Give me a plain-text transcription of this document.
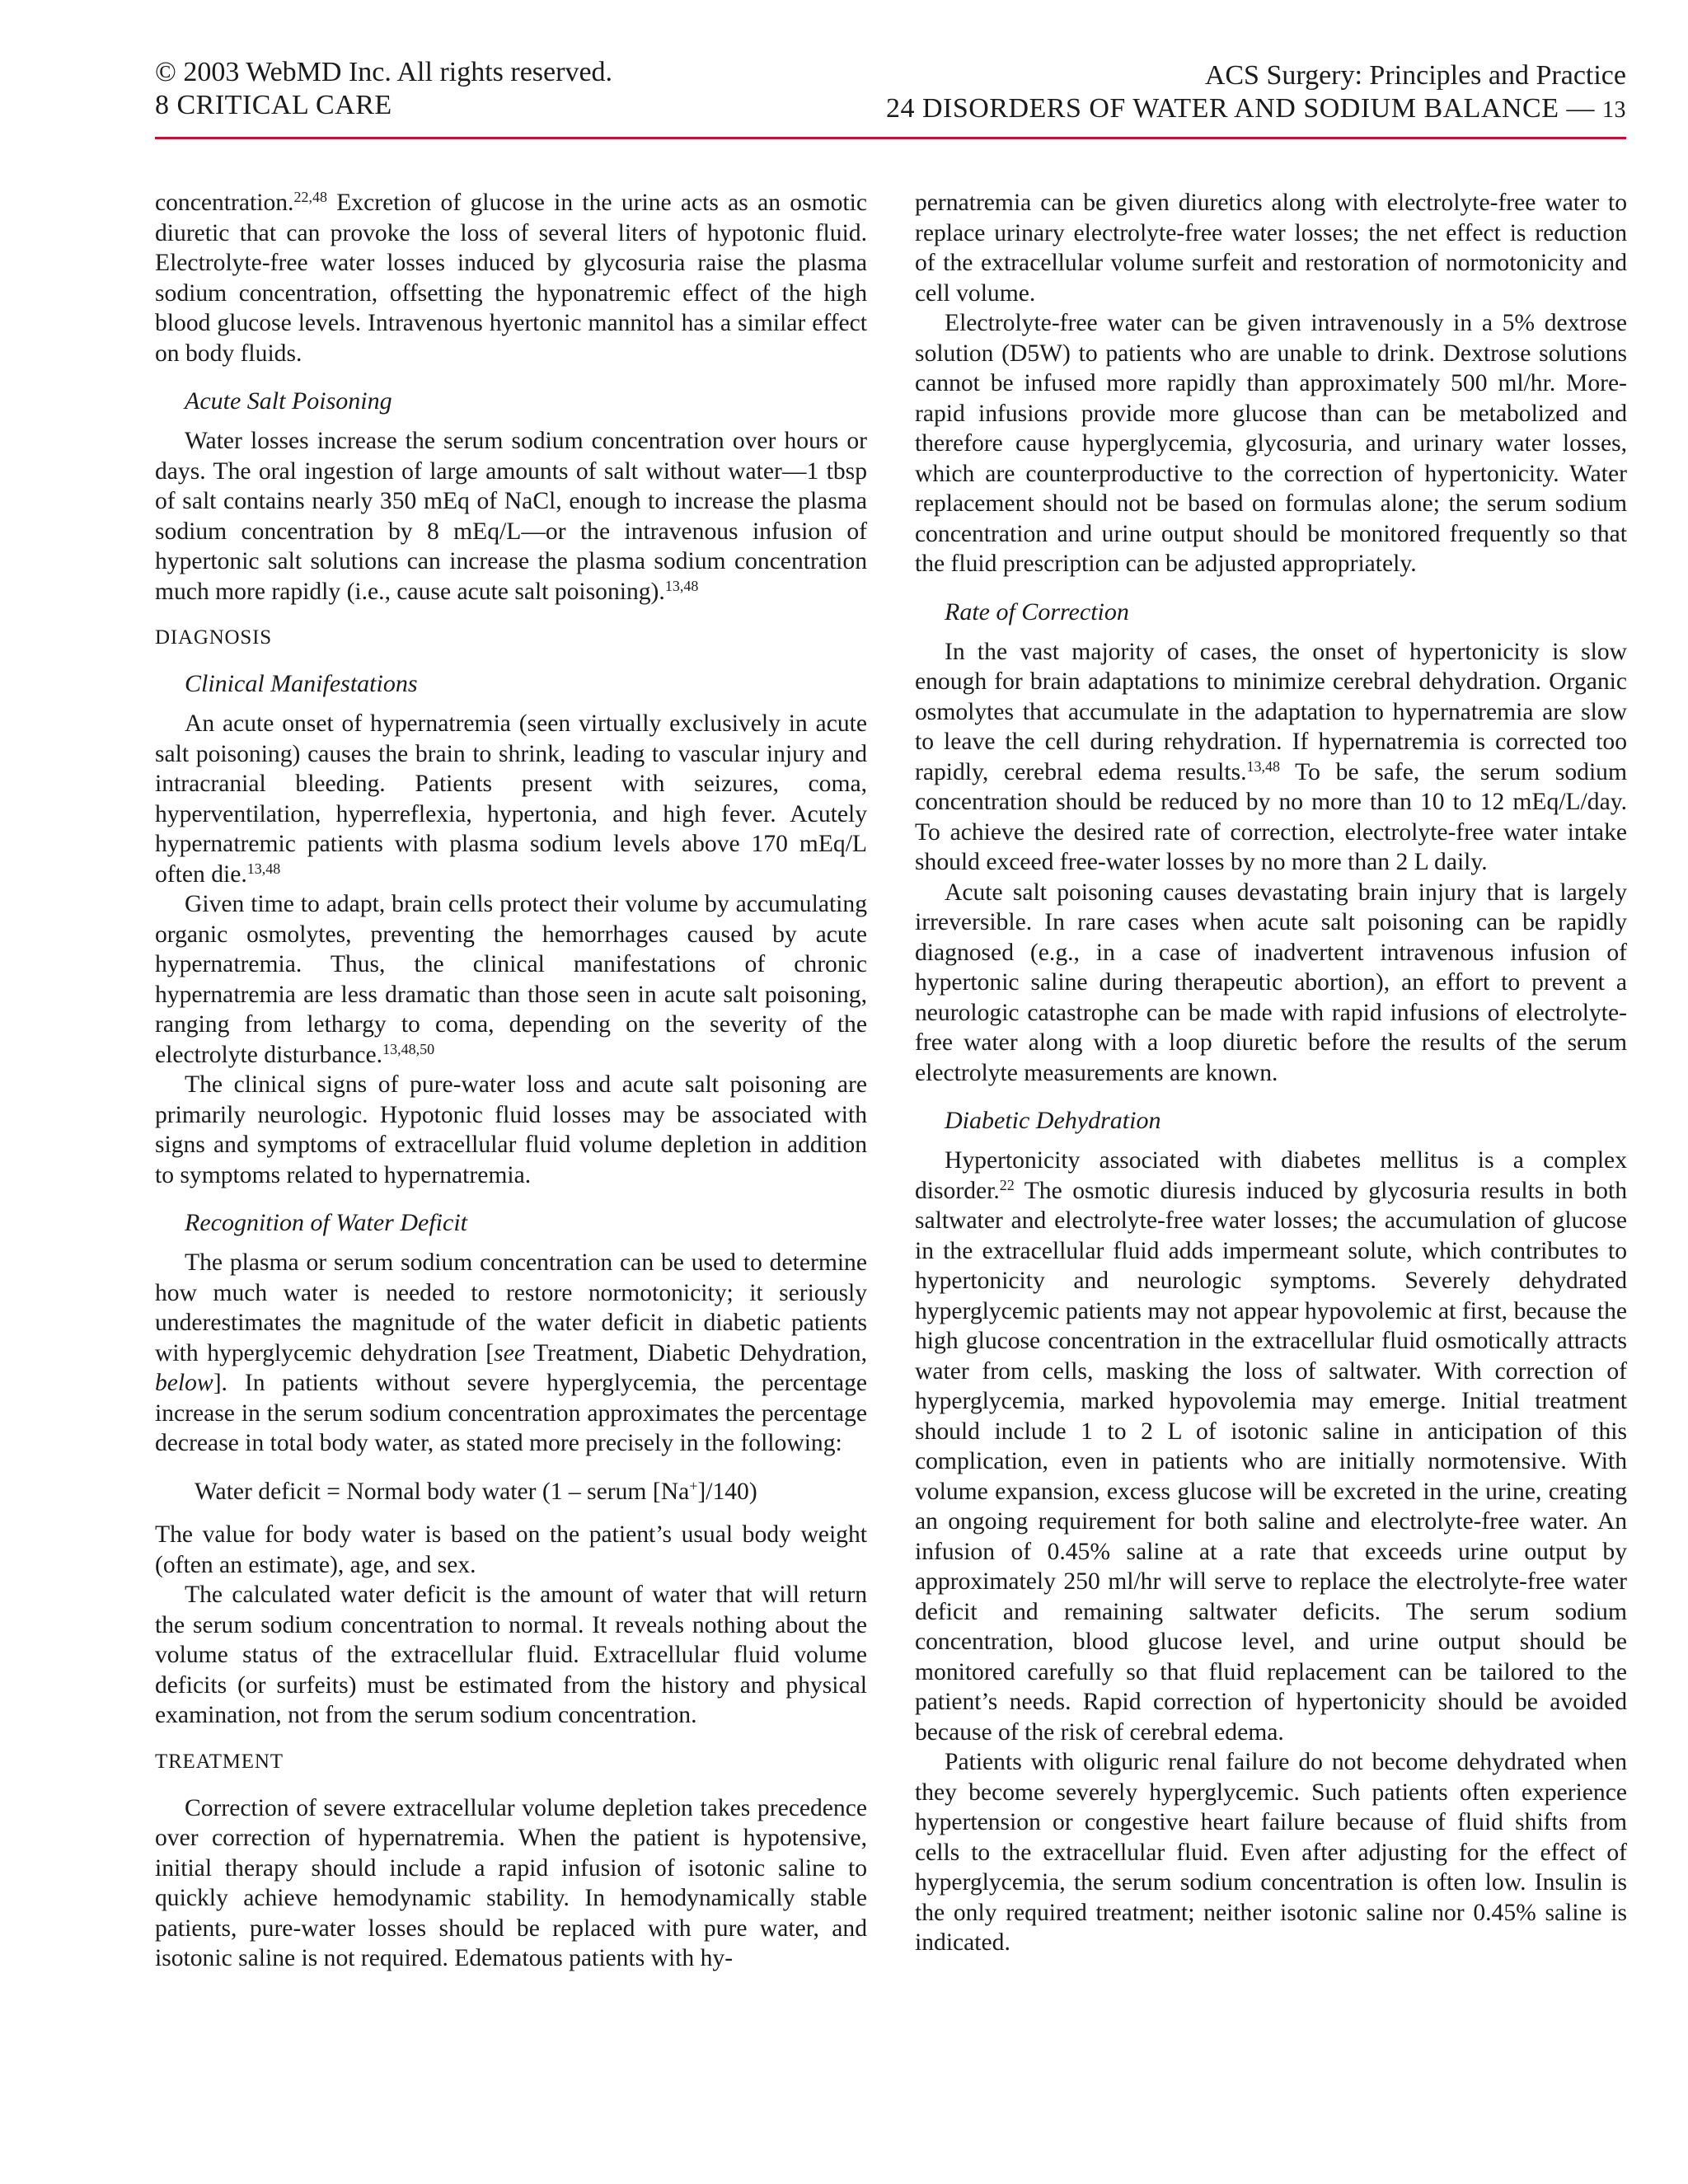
© 2003 WebMD Inc. All rights reserved.
8 CRITICAL CARE
ACS Surgery: Principles and Practice
24 DISORDERS OF WATER AND SODIUM BALANCE — 13

concentration.$^{22,48}$ Excretion of glucose in the urine acts as an osmotic diuretic that can provoke the loss of several liters of hypotonic fluid. Electrolyte-free water losses induced by glycosuria raise the plasma sodium concentration, offsetting the hyponatremic effect of the high blood glucose levels. Intravenous hyertonic mannitol has a similar effect on body fluids.

Acute Salt Poisoning

Water losses increase the serum sodium concentration over hours or days. The oral ingestion of large amounts of salt without water—1 tbsp of salt contains nearly 350 mEq of NaCl, enough to increase the plasma sodium concentration by 8 mEq/L—or the intravenous infusion of hypertonic salt solutions can increase the plasma sodium concentration much more rapidly (i.e., cause acute salt poisoning).$^{13,48}$

DIAGNOSIS
Clinical Manifestations

An acute onset of hypernatremia (seen virtually exclusively in acute salt poisoning) causes the brain to shrink, leading to vascular injury and intracranial bleeding. Patients present with seizures, coma, hyperventilation, hyperreflexia, hypertonia, and high fever. Acutely hypernatremic patients with plasma sodium levels above 170 mEq/L often die.$^{13,48}$

Given time to adapt, brain cells protect their volume by accumulating organic osmolytes, preventing the hemorrhages caused by acute hypernatremia. Thus, the clinical manifestations of chronic hypernatremia are less dramatic than those seen in acute salt poisoning, ranging from lethargy to coma, depending on the severity of the electrolyte disturbance.$^{13,48,50}$

The clinical signs of pure-water loss and acute salt poisoning are primarily neurologic. Hypotonic fluid losses may be associated with signs and symptoms of extracellular fluid volume depletion in addition to symptoms related to hypernatremia.

Recognition of Water Deficit

The plasma or serum sodium concentration can be used to determine how much water is needed to restore normotonicity; it seriously underestimates the magnitude of the water deficit in diabetic patients with hyperglycemic dehydration [see Treatment, Diabetic Dehydration, below]. In patients without severe hyperglycemia, the percentage increase in the serum sodium concentration approximates the percentage decrease in total body water, as stated more precisely in the following:

Water deficit = Normal body water (1 – serum [Na+]/140)

The value for body water is based on the patient’s usual body weight (often an estimate), age, and sex.

The calculated water deficit is the amount of water that will return the serum sodium concentration to normal. It reveals nothing about the volume status of the extracellular fluid. Extracellular fluid volume deficits (or surfeits) must be estimated from the history and physical examination, not from the serum sodium concentration.

TREATMENT

Correction of severe extracellular volume depletion takes precedence over correction of hypernatremia. When the patient is hypotensive, initial therapy should include a rapid infusion of isotonic saline to quickly achieve hemodynamic stability. In hemodynamically stable patients, pure-water losses should be replaced with pure water, and isotonic saline is not required. Edematous patients with hy-

pernatremia can be given diuretics along with electrolyte-free water to replace urinary electrolyte-free water losses; the net effect is reduction of the extracellular volume surfeit and restoration of normotonicity and cell volume.

Electrolyte-free water can be given intravenously in a 5% dextrose solution (D5W) to patients who are unable to drink. Dextrose solutions cannot be infused more rapidly than approximately 500 ml/hr. More-rapid infusions provide more glucose than can be metabolized and therefore cause hyperglycemia, glycosuria, and urinary water losses, which are counterproductive to the correction of hypertonicity. Water replacement should not be based on formulas alone; the serum sodium concentration and urine output should be monitored frequently so that the fluid prescription can be adjusted appropriately.

Rate of Correction

In the vast majority of cases, the onset of hypertonicity is slow enough for brain adaptations to minimize cerebral dehydration. Organic osmolytes that accumulate in the adaptation to hypernatremia are slow to leave the cell during rehydration. If hypernatremia is corrected too rapidly, cerebral edema results.$^{13,48}$ To be safe, the serum sodium concentration should be reduced by no more than 10 to 12 mEq/L/day. To achieve the desired rate of correction, electrolyte-free water intake should exceed free-water losses by no more than 2 L daily.

Acute salt poisoning causes devastating brain injury that is largely irreversible. In rare cases when acute salt poisoning can be rapidly diagnosed (e.g., in a case of inadvertent intravenous infusion of hypertonic saline during therapeutic abortion), an effort to prevent a neurologic catastrophe can be made with rapid infusions of electrolyte-free water along with a loop diuretic before the results of the serum electrolyte measurements are known.

Diabetic Dehydration

Hypertonicity associated with diabetes mellitus is a complex disorder.$^{22}$ The osmotic diuresis induced by glycosuria results in both saltwater and electrolyte-free water losses; the accumulation of glucose in the extracellular fluid adds impermeant solute, which contributes to hypertonicity and neurologic symptoms. Severely dehydrated hyperglycemic patients may not appear hypovolemic at first, because the high glucose concentration in the extracellular fluid osmotically attracts water from cells, masking the loss of saltwater. With correction of hyperglycemia, marked hypovolemia may emerge. Initial treatment should include 1 to 2 L of isotonic saline in anticipation of this complication, even in patients who are initially normotensive. With volume expansion, excess glucose will be excreted in the urine, creating an ongoing requirement for both saline and electrolyte-free water. An infusion of 0.45% saline at a rate that exceeds urine output by approximately 250 ml/hr will serve to replace the electrolyte-free water deficit and remaining saltwater deficits. The serum sodium concentration, blood glucose level, and urine output should be monitored carefully so that fluid replacement can be tailored to the patient’s needs. Rapid correction of hypertonicity should be avoided because of the risk of cerebral edema.

Patients with oliguric renal failure do not become dehydrated when they become severely hyperglycemic. Such patients often experience hypertension or congestive heart failure because of fluid shifts from cells to the extracellular fluid. Even after adjusting for the effect of hyperglycemia, the serum sodium concentration is often low. Insulin is the only required treatment; neither isotonic saline nor 0.45% saline is indicated.
